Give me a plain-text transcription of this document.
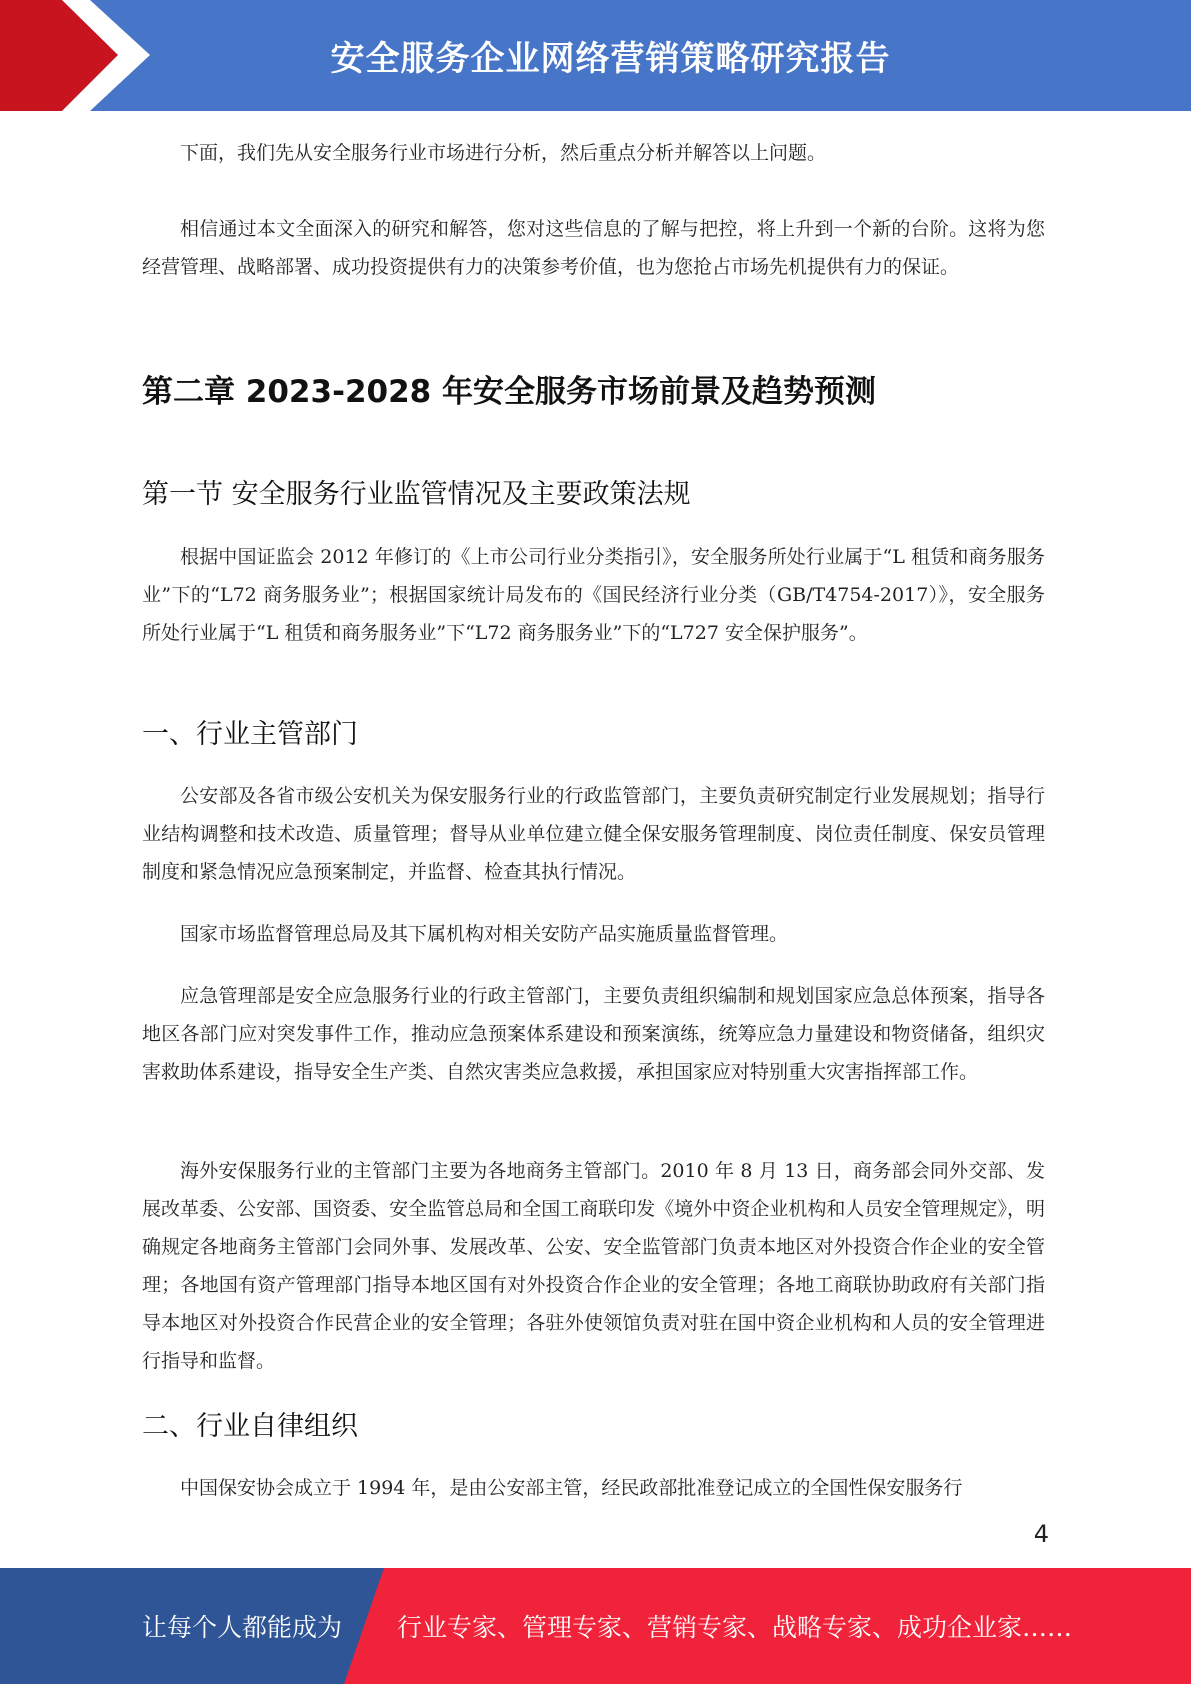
安全服务企业网络营销策略研究报告

下面，我们先从安全服务行业市场进行分析，然后重点分析并解答以上问题。

相信通过本文全面深入的研究和解答，您对这些信息的了解与把控，将上升到一个新的台阶。这将为您经营管理、战略部署、成功投资提供有力的决策参考价值，也为您抢占市场先机提供有力的保证。

第二章 2023-2028 年安全服务市场前景及趋势预测
第一节 安全服务行业监管情况及主要政策法规

根据中国证监会 2012 年修订的《上市公司行业分类指引》，安全服务所处行业属于“L 租赁和商务服务业”下的“L72 商务服务业”；根据国家统计局发布的《国民经济行业分类（GB/T4754-2017）》，安全服务所处行业属于“L 租赁和商务服务业”下“L72 商务服务业”下的“L727 安全保护服务”。

一、行业主管部门

公安部及各省市级公安机关为保安服务行业的行政监管部门，主要负责研究制定行业发展规划；指导行业结构调整和技术改造、质量管理；督导从业单位建立健全保安服务管理制度、岗位责任制度、保安员管理制度和紧急情况应急预案制定，并监督、检查其执行情况。

国家市场监督管理总局及其下属机构对相关安防产品实施质量监督管理。

应急管理部是安全应急服务行业的行政主管部门，主要负责组织编制和规划国家应急总体预案，指导各地区各部门应对突发事件工作，推动应急预案体系建设和预案演练，统筹应急力量建设和物资储备，组织灾害救助体系建设，指导安全生产类、自然灾害类应急救援，承担国家应对特别重大灾害指挥部工作。

海外安保服务行业的主管部门主要为各地商务主管部门。2010 年 8 月 13 日，商务部会同外交部、发展改革委、公安部、国资委、安全监管总局和全国工商联印发《境外中资企业机构和人员安全管理规定》，明确规定各地商务主管部门会同外事、发展改革、公安、安全监管部门负责本地区对外投资合作企业的安全管理；各地国有资产管理部门指导本地区国有对外投资合作企业的安全管理；各地工商联协助政府有关部门指导本地区对外投资合作民营企业的安全管理；各驻外使领馆负责对驻在国中资企业机构和人员的安全管理进行指导和监督。

二、行业自律组织

中国保安协会成立于 1994 年，是由公安部主管，经民政部批准登记成立的全国性保安服务行

4
让每个人都能成为 行业专家、管理专家、营销专家、战略专家、成功企业家……
